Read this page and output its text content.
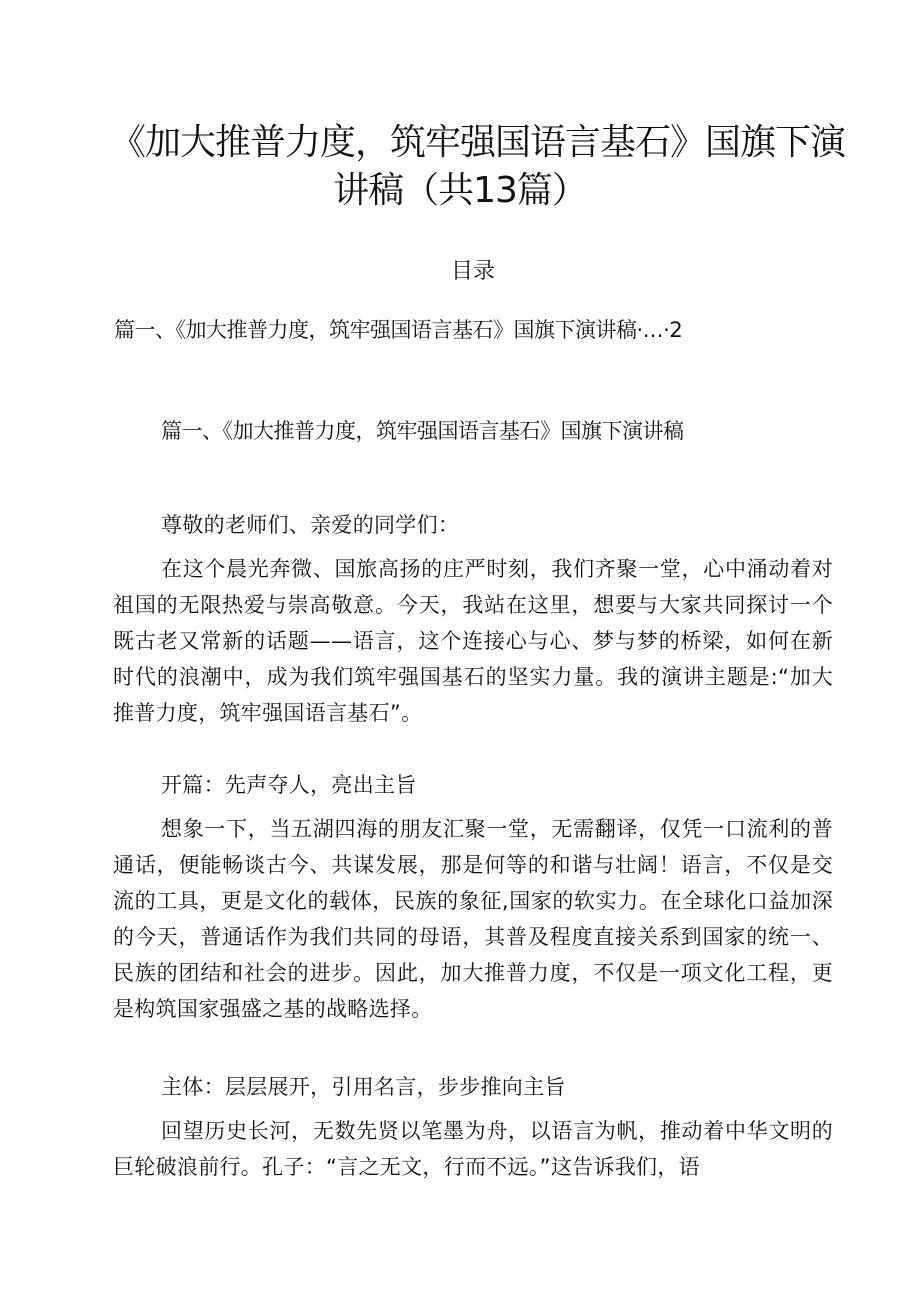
《加大推普力度，筑牢强国语言基石》国旗下演
讲稿（共13篇）
目录
篇一、《加大推普力度，筑牢强国语言基石》国旗下演讲稿·…·2
篇一、《加大推普力度，筑牢强国语言基石》国旗下演讲稿

尊敬的老师们、亲爱的同学们：

在这个晨光奔微、国旅高扬的庄严时刻，我们齐聚一堂，心中涌动着对祖国的无限热爱与崇高敬意。今天，我站在这里，想要与大家共同探讨一个既古老又常新的话题——语言，这个连接心与心、梦与梦的桥梁，如何在新时代的浪潮中，成为我们筑牢强国基石的坚实力量。我的演讲主题是:“加大推普力度，筑牢强国语言基石”。

开篇：先声夺人，亮出主旨

想象一下，当五湖四海的朋友汇聚一堂，无需翻译，仅凭一口流利的普通话，便能畅谈古今、共谋发展，那是何等的和谐与壮阔！语言，不仅是交流的工具，更是文化的载体，民族的象征,国家的软实力。在全球化口益加深的今天，普通话作为我们共同的母语，其普及程度直接关系到国家的统一、民族的团结和社会的进步。因此，加大推普力度，不仅是一项文化工程，更是构筑国家强盛之基的战略选择。

主体：层层展开，引用名言，步步推向主旨

回望历史长河，无数先贤以笔墨为舟，以语言为帆，推动着中华文明的巨轮破浪前行。孔子：“言之无文，行而不远。”这告诉我们，语
